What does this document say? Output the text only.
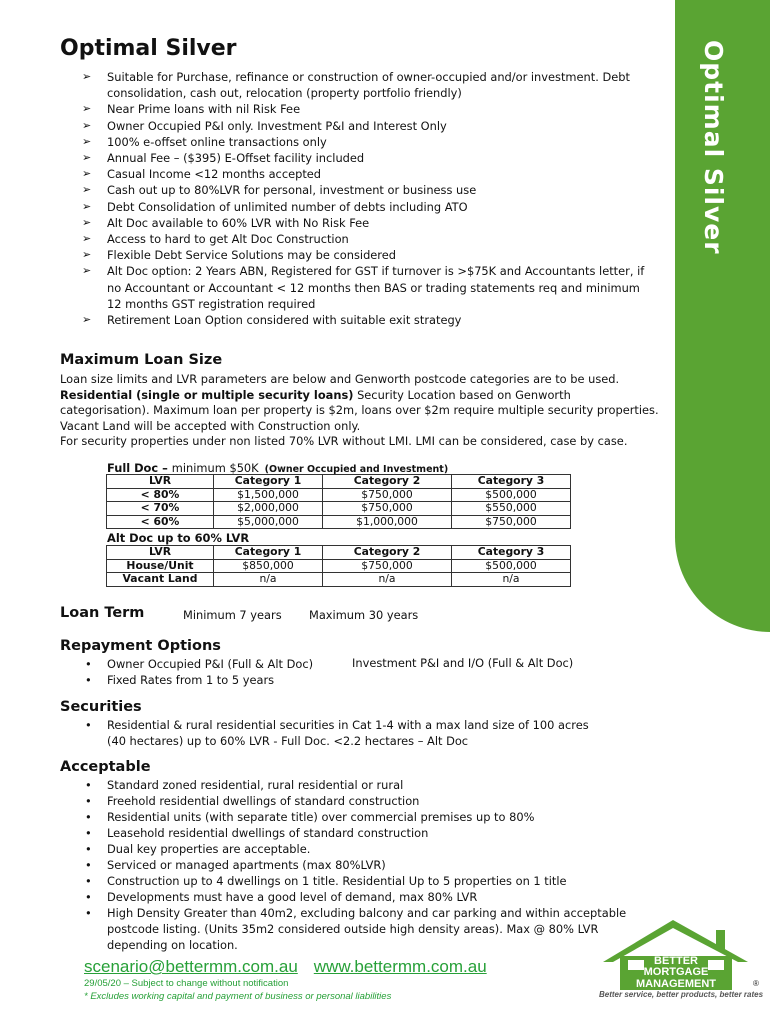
Optimal Silver
Optimal Silver
➢ Suitable for Purchase, refinance or construction of owner-occupied and/or investment. Debt consolidation, cash out, relocation (property portfolio friendly)
➢ Near Prime loans with nil Risk Fee
➢ Owner Occupied P&I only. Investment P&I and Interest Only
➢ 100% e-offset online transactions only
➢ Annual Fee – ($395) E-Offset facility included
➢ Casual Income <12 months accepted
➢ Cash out up to 80%LVR for personal, investment or business use
➢ Debt Consolidation of unlimited number of debts including ATO
➢ Alt Doc available to 60% LVR with No Risk Fee
➢ Access to hard to get Alt Doc Construction
➢ Flexible Debt Service Solutions may be considered
➢ Alt Doc option: 2 Years ABN, Registered for GST if turnover is >$75K and Accountants letter, if no Accountant or Accountant < 12 months then BAS or trading statements req and minimum 12 months GST registration required
➢ Retirement Loan Option considered with suitable exit strategy
Maximum Loan Size

Loan size limits and LVR parameters are below and Genworth postcode categories are to be used.

Residential (single or multiple security loans) Security Location based on Genworth categorisation). Maximum loan per property is $2m, loans over $2m require multiple security properties. Vacant Land will be accepted with Construction only.

For security properties under non listed 70% LVR without LMI. LMI can be considered, case by case.

Full Doc – minimum $50K (Owner Occupied and Investment)
LVR	Category 1	Category 2	Category 3
< 80%	$1,500,000	$750,000	$500,000
< 70%	$2,000,000	$750,000	$550,000
< 60%	$5,000,000	$1,000,000	$750,000
Alt Doc up to 60% LVR
LVR	Category 1	Category 2	Category 3
House/Unit	$850,000	$750,000	$500,000
Vacant Land	n/a	n/a	n/a
Loan Term	Minimum 7 years Maximum 30 years
Repayment Options
• Owner Occupied P&I (Full & Alt Doc)
• Fixed Rates from 1 to 5 years
Investment P&I and I/O (Full & Alt Doc)
Securities
• Residential & rural residential securities in Cat 1-4 with a max land size of 100 acres (40 hectares) up to 60% LVR - Full Doc. <2.2 hectares – Alt Doc
Acceptable
• Standard zoned residential, rural residential or rural
• Freehold residential dwellings of standard construction
• Residential units (with separate title) over commercial premises up to 80%
• Leasehold residential dwellings of standard construction
• Dual key properties are acceptable.
• Serviced or managed apartments (max 80%LVR)
• Construction up to 4 dwellings on 1 title. Residential Up to 5 properties on 1 title
• Developments must have a good level of demand, max 80% LVR
• High Density Greater than 40m2, excluding balcony and car parking and within acceptable postcode listing. (Units 35m2 considered outside high density areas). Max @ 80% LVR depending on location.
scenario@bettermm.com.au www.bettermm.com.au
29/05/20 – Subject to change without notification
* Excludes working capital and payment of business or personal liabilities
BETTER
MORTGAGE
MANAGEMENT	®
Better service, better products, better rates
